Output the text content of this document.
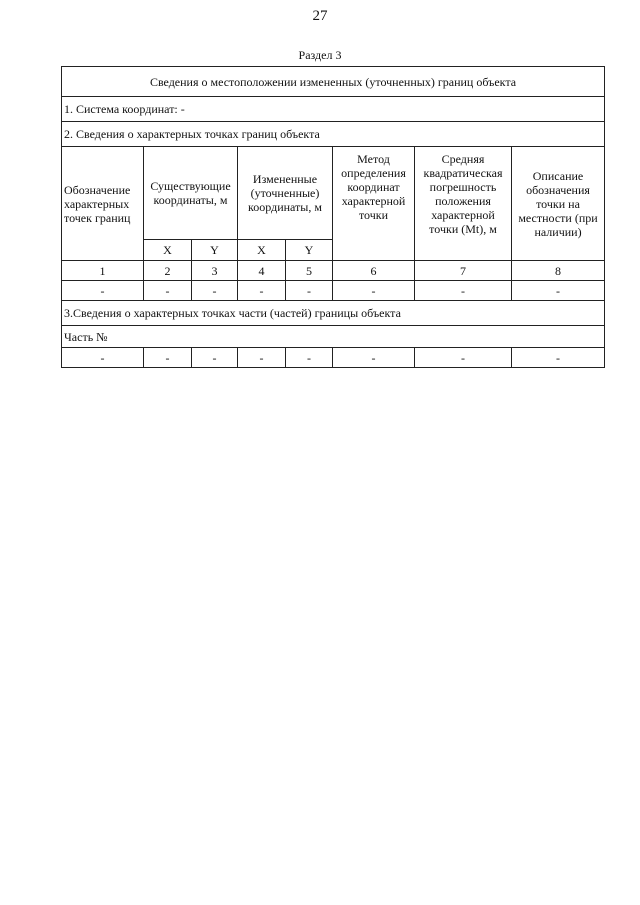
27
Раздел 3
Сведения о местоположении измененных (уточненных) границ объекта							
1. Система координат: -							
2. Сведения о характерных точках границ объекта							
Обозначение характерных точек границ	Существующие координаты, м		Измененные (уточненные) координаты, м		Метод определения координат характерной точки	Средняя квадратическая погрешность положения характерной точки (Mt), м	Описание обозначения точки на местности (при наличии)
	X	Y	X	Y			
1	2	3	4	5	6	7	8
-	-	-	-	-	-	-	-
3.Сведения о характерных точках части (частей) границы объекта							
Часть №							
-	-	-	-	-	-	-	-
